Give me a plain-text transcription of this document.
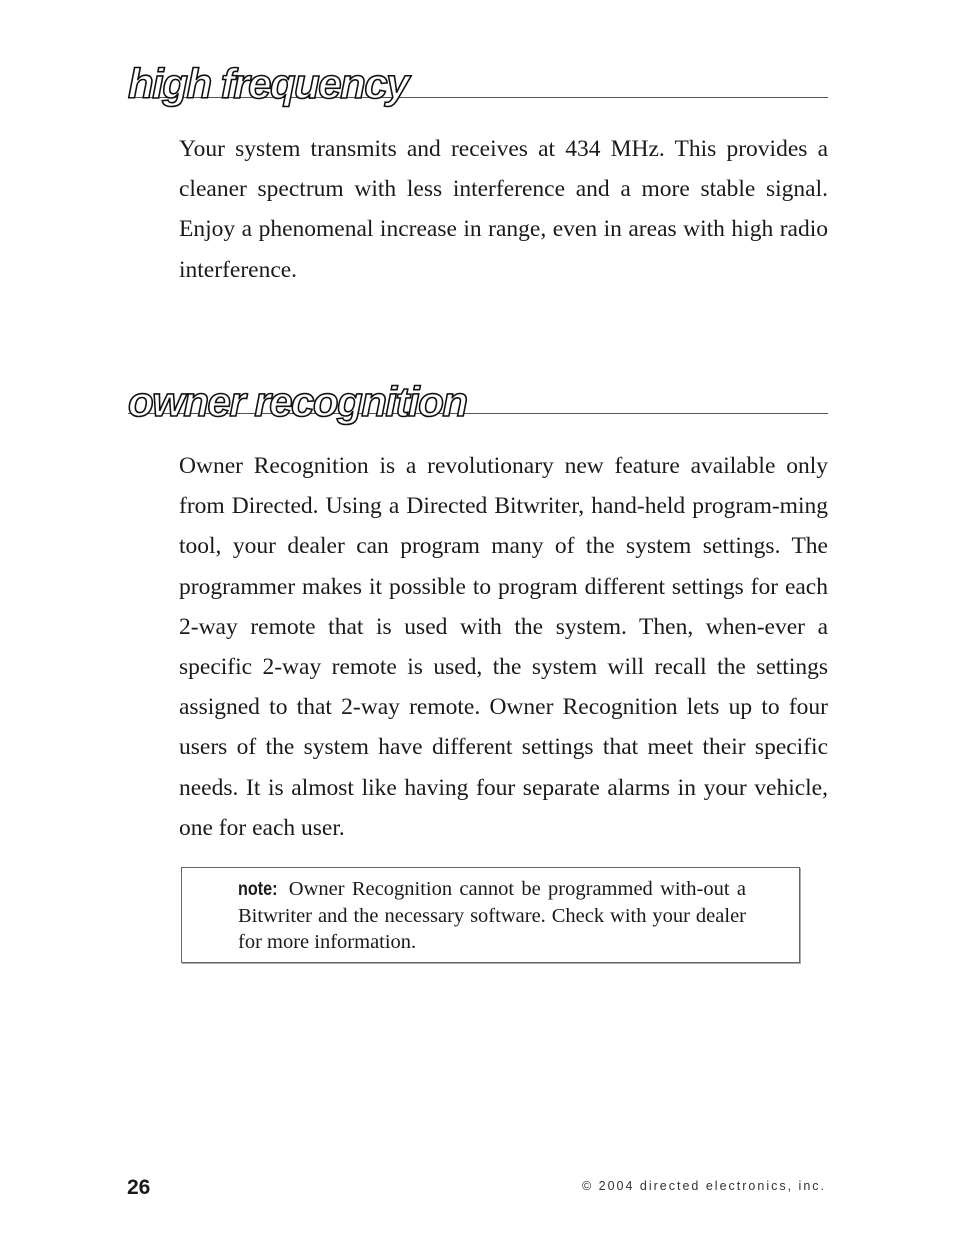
high frequency

Your system transmits and receives at 434 MHz. This provides a cleaner spectrum with less interference and a more stable signal. Enjoy a phenomenal increase in range, even in areas with high radio interference.

owner recognition

Owner Recognition is a revolutionary new feature available only from Directed. Using a Directed Bitwriter, hand-held program-ming tool, your dealer can program many of the system settings. The programmer makes it possible to program different settings for each 2-way remote that is used with the system. Then, when-ever a specific 2-way remote is used, the system will recall the settings assigned to that 2-way remote. Owner Recognition lets up to four users of the system have different settings that meet their specific needs. It is almost like having four separate alarms in your vehicle, one for each user.

note: Owner Recognition cannot be programmed with-out a Bitwriter and the necessary software. Check with your dealer for more information.

26	© 2004 directed electronics, inc.
